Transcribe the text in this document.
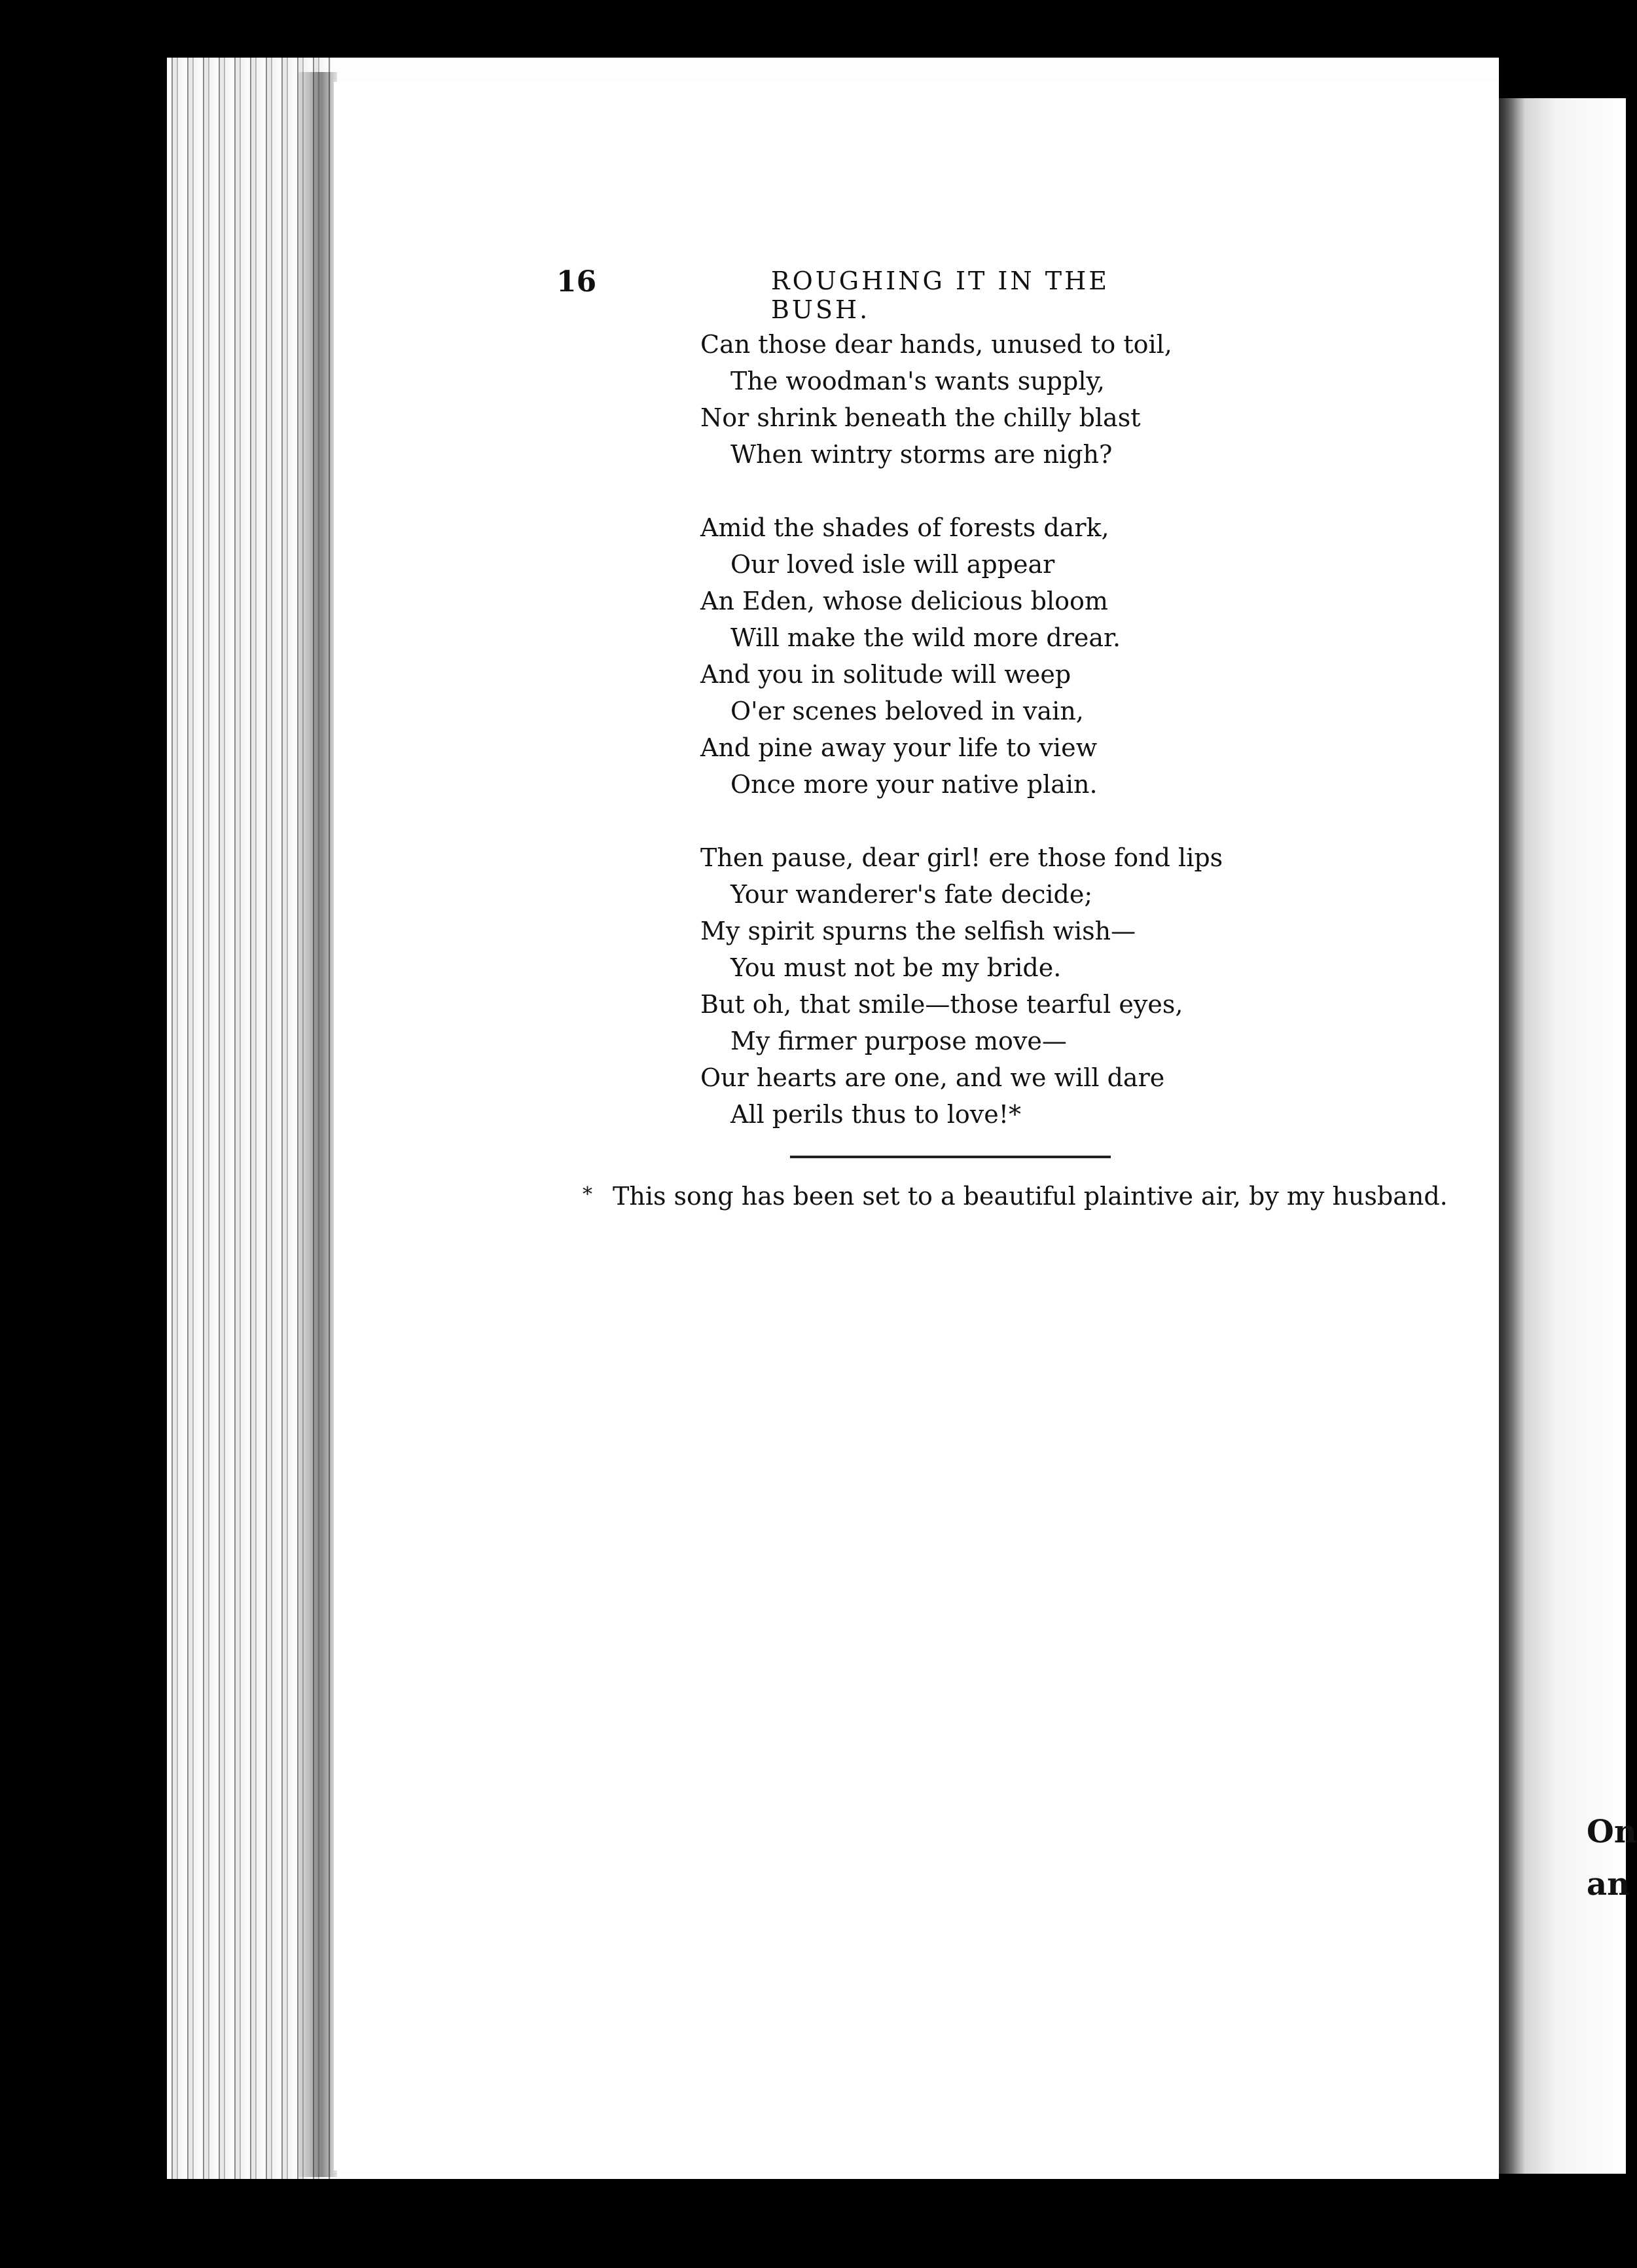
16	ROUGHING IT IN THE BUSH.
Can those dear hands, unused to toil,
The woodman's wants supply,
Nor shrink beneath the chilly blast
When wintry storms are nigh?
Amid the shades of forests dark,
Our loved isle will appear
An Eden, whose delicious bloom
Will make the wild more drear.
And you in solitude will weep
O'er scenes beloved in vain,
And pine away your life to view
Once more your native plain.
Then pause, dear girl! ere those fond lips
Your wanderer's fate decide;
My spirit spurns the selfish wish—
You must not be my bride.
But oh, that smile—those tearful eyes,
My firmer purpose move—
Our hearts are one, and we will dare
All perils thus to love!*
* This song has been set to a beautiful plaintive air, by my husband.
On
an
